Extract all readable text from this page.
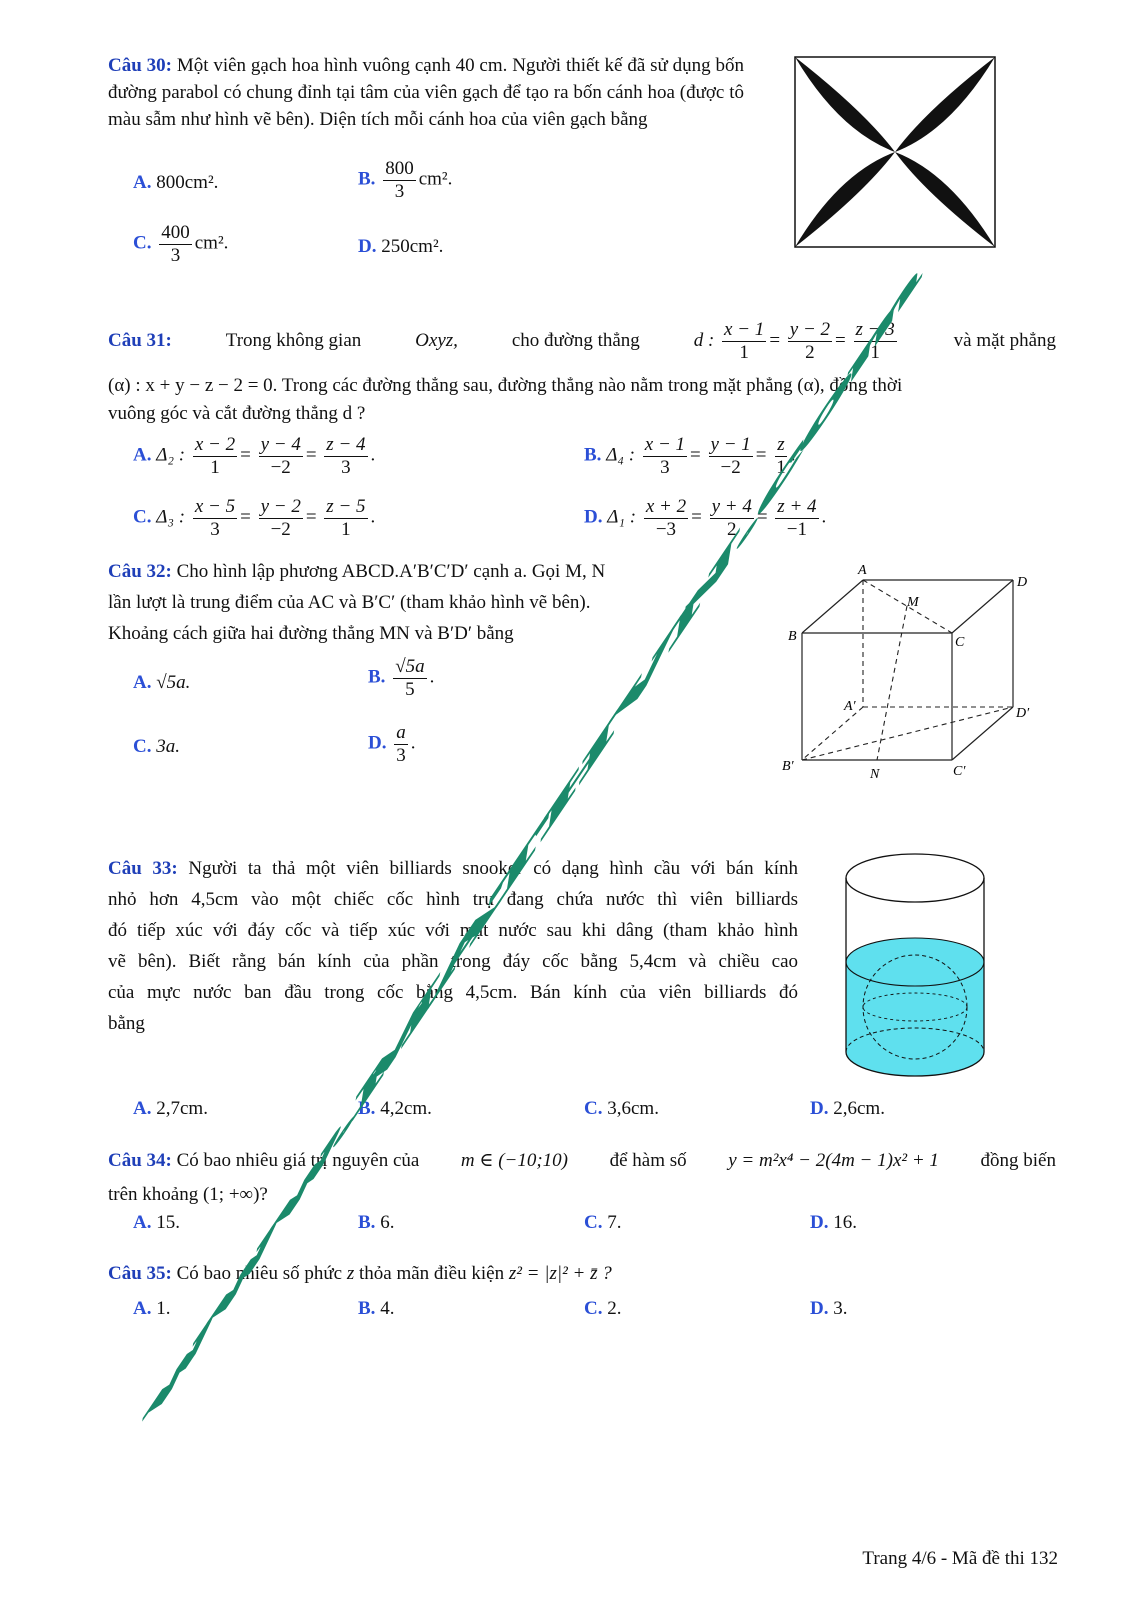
Câu 30: Một viên gạch hoa hình vuông cạnh 40 cm. Người thiết kế đã sử dụng bốn đường parabol có chung đỉnh tại tâm của viên gạch để tạo ra bốn cánh hoa (được tô màu sẫm như hình vẽ bên). Diện tích mỗi cánh hoa của viên gạch bằng
A. 800cm².	B. $\frac{800}{3} cm^2$.
C. $\frac{400}{3} cm^2$.	D. 250cm².
Câu 31:	Trong không gian	Oxyz,	cho đường thẳng	d : $\frac{x - 1}{1} = \frac{y - 2}{2} = \frac{z - 3}{1}$	và mặt phẳng
(α) : x + y − z − 2 = 0. Trong các đường thẳng sau, đường thẳng nào nằm trong mặt phẳng (α), đồng thời
vuông góc và cắt đường thẳng d ?
A. Δ₂ : $\frac{x - 2}{1} = \frac{y - 4}{-2} = \frac{z - 4}{3}$ .	B. Δ₄ : $\frac{x - 1}{3} = \frac{y - 1}{-2} = \frac{z}{1}$ .
C. Δ₃ : $\frac{x - 5}{3} = \frac{y - 2}{-2} = \frac{z - 5}{1}$ .	D. Δ₁ : $\frac{x + 2}{-3} = \frac{y + 4}{2} = \frac{z + 4}{-1}$ .
Câu 32: Cho hình lập phương ABCD.A′B′C′D′ cạnh a. Gọi M, N
lần lượt là trung điểm của AC và B′C′ (tham khảo hình vẽ bên).
Khoảng cách giữa hai đường thẳng MN và B′D′ bằng
A. √5a.	B. $\frac{√5a}{5}$ .
C. 3a.	D. $\frac{a}{3}$ .
A
D
B	C
M
A′	D′
B′	C′
N
Câu 33: Người ta thả một viên billiards snooker có dạng hình cầu với bán kính
nhỏ hơn 4,5cm vào một chiếc cốc hình trụ đang chứa nước thì viên billiards
đó tiếp xúc với đáy cốc và tiếp xúc với mặt nước sau khi dâng (tham khảo hình
vẽ bên). Biết rằng bán kính của phần trong đáy cốc bằng 5,4cm và chiều cao
của mực nước ban đầu trong cốc bằng 4,5cm. Bán kính của viên billiards đó
bằng
A. 2,7cm.	B. 4,2cm.	C. 3,6cm.	D. 2,6cm.
Câu 34: Có bao nhiêu giá trị nguyên của m ∈ (−10;10) để hàm số y = m²x⁴ − 2(4m − 1)x² + 1 đồng biến
trên khoảng (1; +∞)?
A. 15.	B. 6.	C. 7.	D. 16.
Câu 35: Có bao nhiêu số phức z thỏa mãn điều kiện z² = |z|² + z̄ ?
A. 1.	B. 4.	C. 2.	D. 3.
www.MATHVN.com
Trang 4/6 - Mã đề thi 132
